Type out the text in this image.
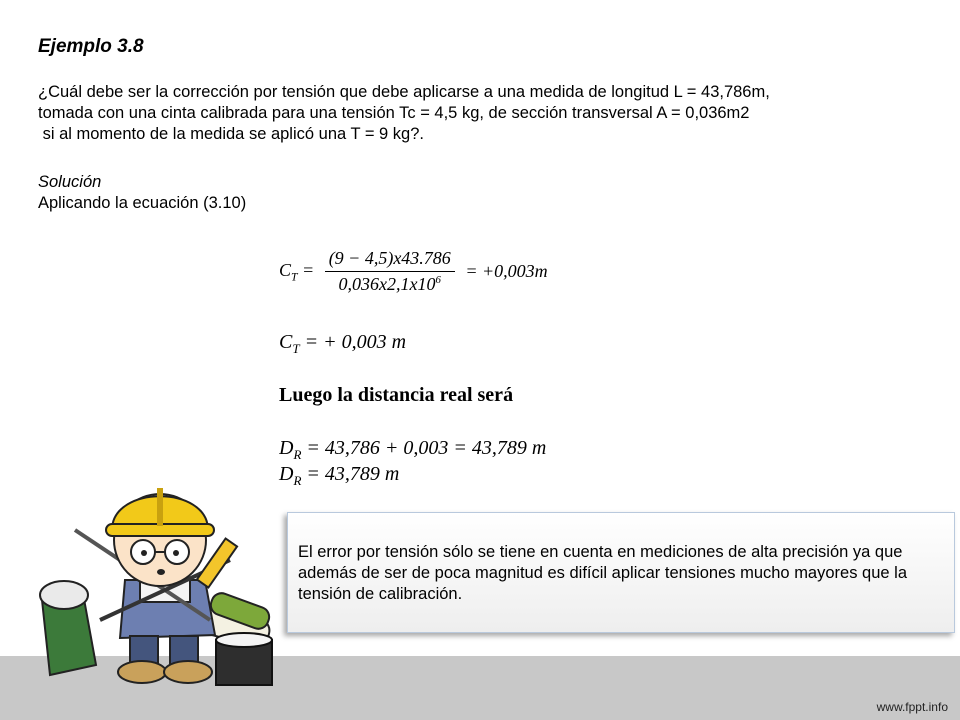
Ejemplo 3.8
¿Cuál debe ser la corrección por tensión que debe aplicarse a una medida de longitud L = 43,786m,
tomada con una cinta calibrada para una tensión Tc = 4,5 kg, de sección transversal A = 0,036m2
si al momento de la medida se aplicó una T = 9 kg?.
Solución
Aplicando la ecuación (3.10)
$C_T = \frac{(9 - 4,5)x43.786}{0,036x2,1x10^6} = +0,003m$
$C_T$ = + 0,003 m
Luego la distancia real será
$D_R = 43,786 + 0,003 = 43,789$ m
$D_R = 43,789$ m
www.fppt.info
El error por tensión sólo se tiene en cuenta en mediciones de alta precisión ya que además de ser de poca magnitud es difícil aplicar tensiones mucho mayores que la tensión de calibración.
